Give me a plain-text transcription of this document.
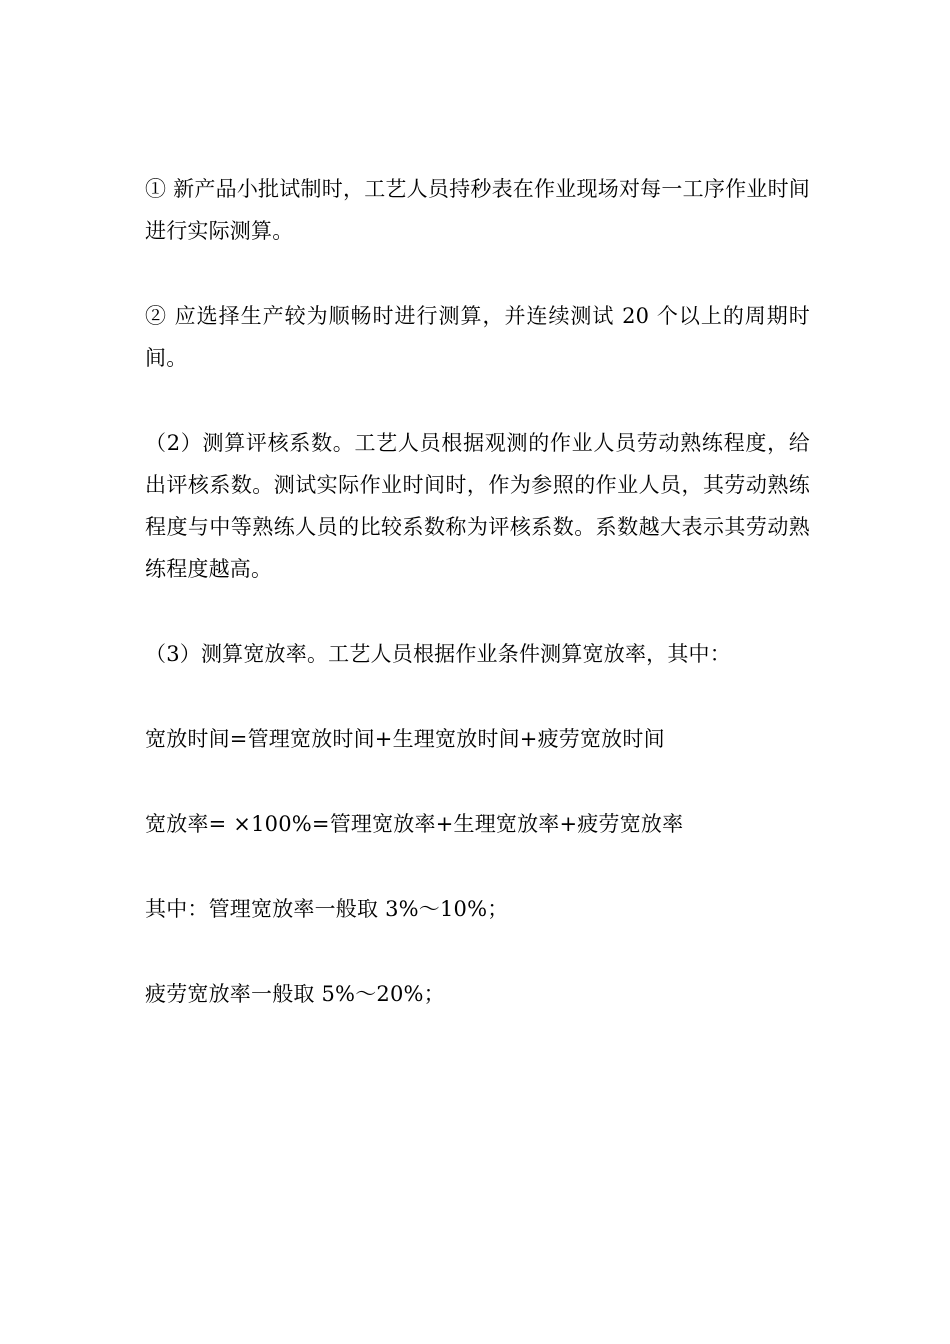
① 新产品小批试制时，工艺人员持秒表在作业现场对每一工序作业时间进行实际测算。

② 应选择生产较为顺畅时进行测算，并连续测试 20 个以上的周期时间。

（2）测算评核系数。工艺人员根据观测的作业人员劳动熟练程度，给出评核系数。测试实际作业时间时，作为参照的作业人员，其劳动熟练程度与中等熟练人员的比较系数称为评核系数。系数越大表示其劳动熟练程度越高。

（3）测算宽放率。工艺人员根据作业条件测算宽放率，其中：

宽放时间=管理宽放时间+生理宽放时间+疲劳宽放时间

宽放率= ×100%=管理宽放率+生理宽放率+疲劳宽放率

其中：管理宽放率一般取 3%～10%；

疲劳宽放率一般取 5%～20%；
